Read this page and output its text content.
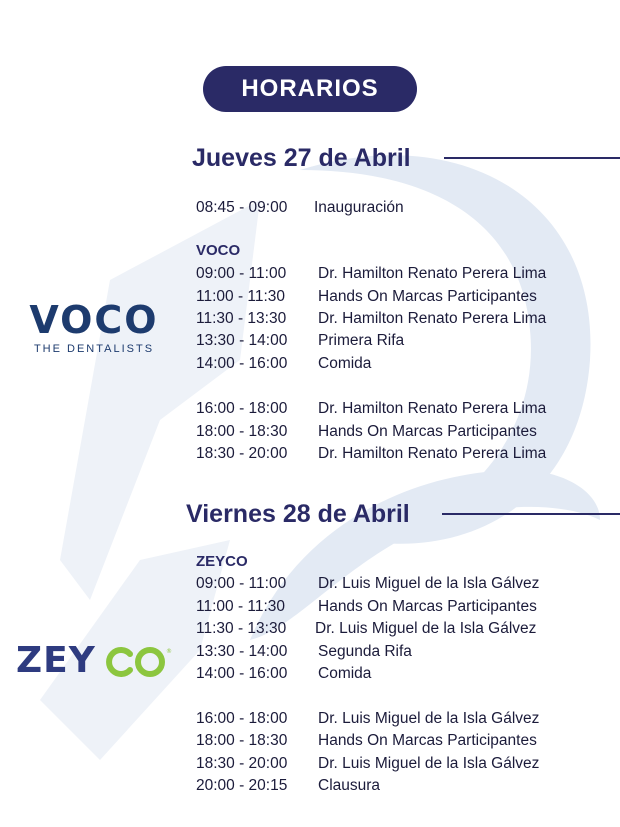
HORARIOS
Jueves 27 de Abril
08:45 - 09:00	Inauguración
VOCO
09:00 - 11:00	Dr. Hamilton Renato Perera Lima
11:00 - 11:30	Hands On Marcas Participantes
11:30 - 13:30	Dr. Hamilton Renato Perera Lima
13:30 - 14:00	Primera Rifa
14:00 - 16:00	Comida
16:00 - 18:00	Dr. Hamilton Renato Perera Lima
18:00 - 18:30	Hands On Marcas Participantes
18:30 - 20:00	Dr. Hamilton Renato Perera Lima
VOCO
THE DENTALISTS
Viernes 28 de Abril
ZEYCO
09:00 - 11:00	Dr. Luis Miguel de la Isla Gálvez
11:00 - 11:30	Hands On Marcas Participantes
11:30 - 13:30	Dr. Luis Miguel de la Isla Gálvez
13:30 - 14:00	Segunda Rifa
14:00 - 16:00	Comida
16:00 - 18:00	Dr. Luis Miguel de la Isla Gálvez
18:00 - 18:30	Hands On Marcas Participantes
18:30 - 20:00	Dr. Luis Miguel de la Isla Gálvez
20:00 - 20:15	Clausura
ZEY	®
